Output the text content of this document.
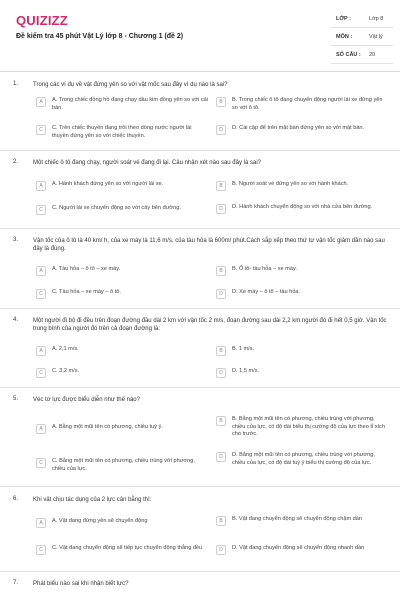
QUIZIZZ
Đề kiểm tra 45 phút Vật Lý lớp 8 - Chương 1 (đề 2)
LỚP :	Lớp 8
MÔN :	Vật lý
SỐ CÂU : 20
1. Trong các ví dụ về vật đứng yên so với vật mốc sau đây ví dụ nào là sai?
A	A. Trong chiếc đồng hồ đang chạy dầu kim đồng yên so với cái bàn.
B	B. Trong chiếc ô tô đang chuyển động người lái xe đứng yên so với ô tô.
C	C. Trên chiếc thuyền đang trôi theo dòng nước người lái thuyền đứng yên so với chiếc thuyền.
D	D. Cái cặp để trên mặt bàn đứng yên so với mặt bàn.
2. Một chiếc ô tô đang chạy, người soát vé đang đi lại. Câu nhận xét nào sau đây là sai?
A	A. Hành khách đứng yên so với người lái xe.	B	B. Người soát vé đứng yên so với hành khách.
C	C. Người lái xe chuyển động so với cây bên đường.	D	D. Hành khách chuyển động so với nhà cửa bên đường.
3. Vận tốc của ô tô là 40 km/ h, của xe máy là 11,6 m/s, của tàu hỏa là 600m/ phút.Cách sắp xếp theo thứ tự vận tốc giảm dần nào sau đây là đúng.
A	A. Tàu hỏa – ô tô – xe máy.	B	B. Ô tô- tàu hỏa – xe máy.
C	C. Tàu hỏa – xe máy – ô tô.	D	D. Xe máy – ô tô – tàu hỏa.
4. Một người đi bộ đi đều trên đoạn đường đầu dài 2 km với vận tốc 2 m/s, đoạn đường sau dài 2,2 km người đó đi hết 0,5 giờ. Vận tốc trung bình của người đó trên cả đoạn đường là:
A	A. 2,1 m/s.	B	B. 1 m/s.
C	C. 3,2 m/s.	D	D. 1,5 m/s.
5. Véc tơ lực được biểu diễn như thế nào?
A	A. Bằng một mũi tên có phương, chiều tuỳ ý.
B	B. Bằng một mũi tên có phương, chiều trùng với phương, chiều của lực, có độ dài biểu thị cường độ của lực theo tỉ xích cho trước.
C	C. Bằng một mũi tên có phương, chiều trùng với phương, chiều của lực.
D	D. Bằng một mũi tên có phương, chiều trùng với phương, chiều của lực, có độ dài tuỳ ý biểu thị cường độ của lực.
6. Khi vật chịu tác dụng của 2 lực cân bằng thì:
A	A. Vật đang đứng yên sẽ chuyển động	B	B. Vật đang chuyển động sẽ chuyển động chậm dần
C	C. Vật đang chuyển động sẽ tiếp tục chuyển động thẳng đều	D	D. Vật đang chuyển động sẽ chuyển động nhanh dần
7. Phát biểu nào sai khi nhận biết lực?
